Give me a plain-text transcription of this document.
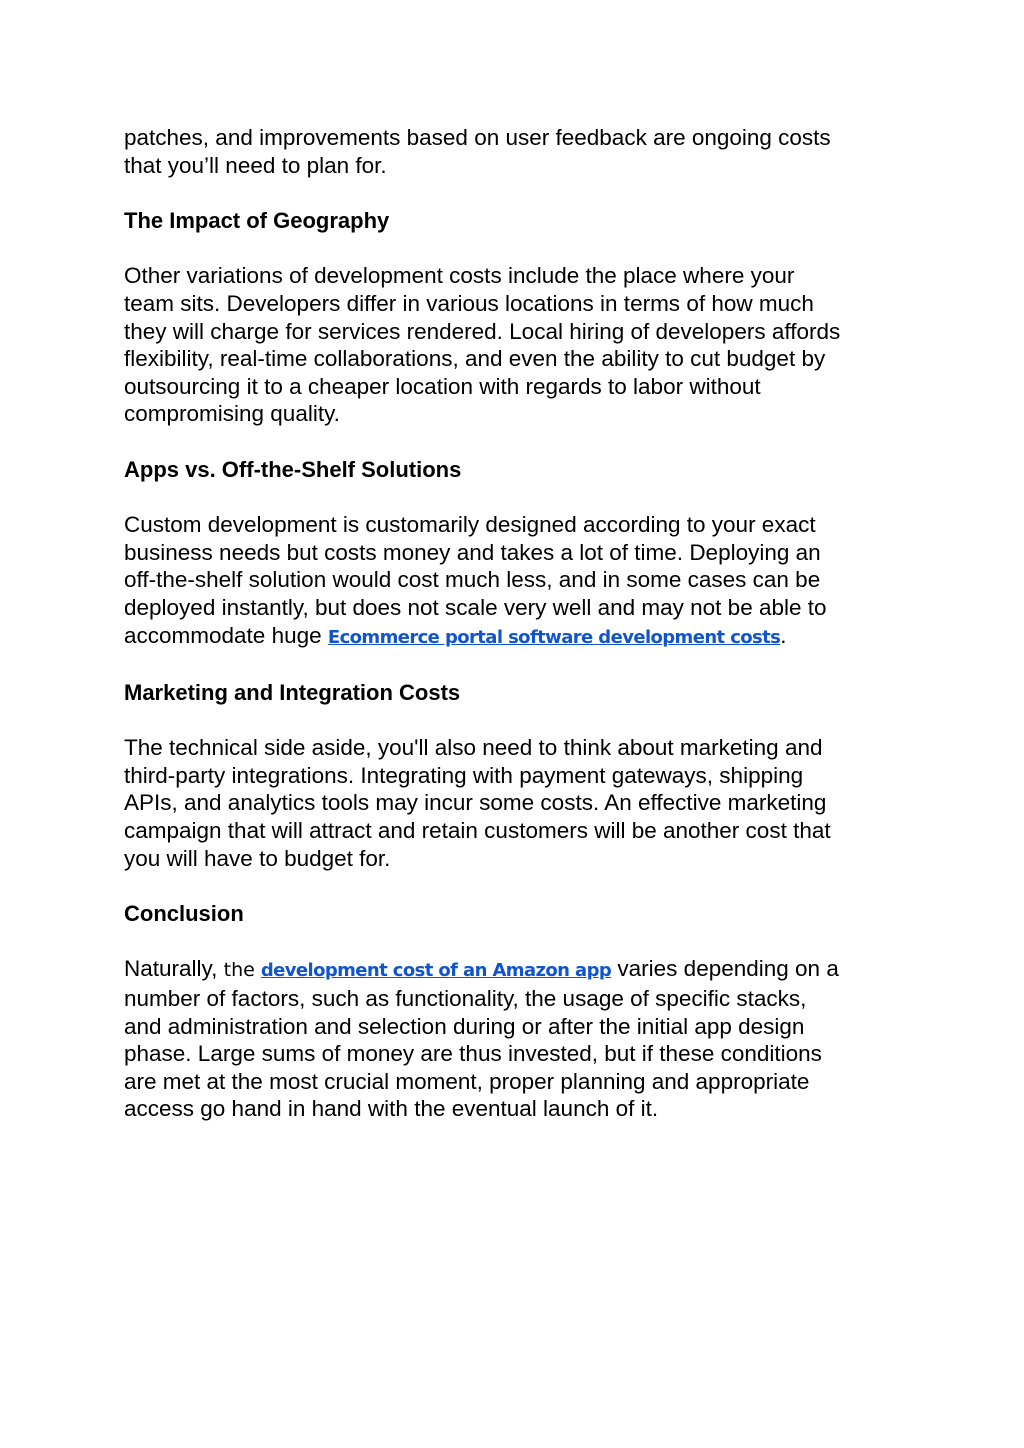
patches, and improvements based on user feedback are ongoing costs
that you’ll need to plan for.
The Impact of Geography
Other variations of development costs include the place where your
team sits. Developers differ in various locations in terms of how much
they will charge for services rendered. Local hiring of developers affords
flexibility, real-time collaborations, and even the ability to cut budget by
outsourcing it to a cheaper location with regards to labor without
compromising quality.
Apps vs. Off-the-Shelf Solutions
Custom development is customarily designed according to your exact
business needs but costs money and takes a lot of time. Deploying an
off-the-shelf solution would cost much less, and in some cases can be
deployed instantly, but does not scale very well and may not be able to
accommodate huge Ecommerce portal software development costs.
Marketing and Integration Costs
The technical side aside, you'll also need to think about marketing and
third-party integrations. Integrating with payment gateways, shipping
APIs, and analytics tools may incur some costs. An effective marketing
campaign that will attract and retain customers will be another cost that
you will have to budget for.
Conclusion
Naturally, the development cost of an Amazon app varies depending on a
number of factors, such as functionality, the usage of specific stacks,
and administration and selection during or after the initial app design
phase. Large sums of money are thus invested, but if these conditions
are met at the most crucial moment, proper planning and appropriate
access go hand in hand with the eventual launch of it.
